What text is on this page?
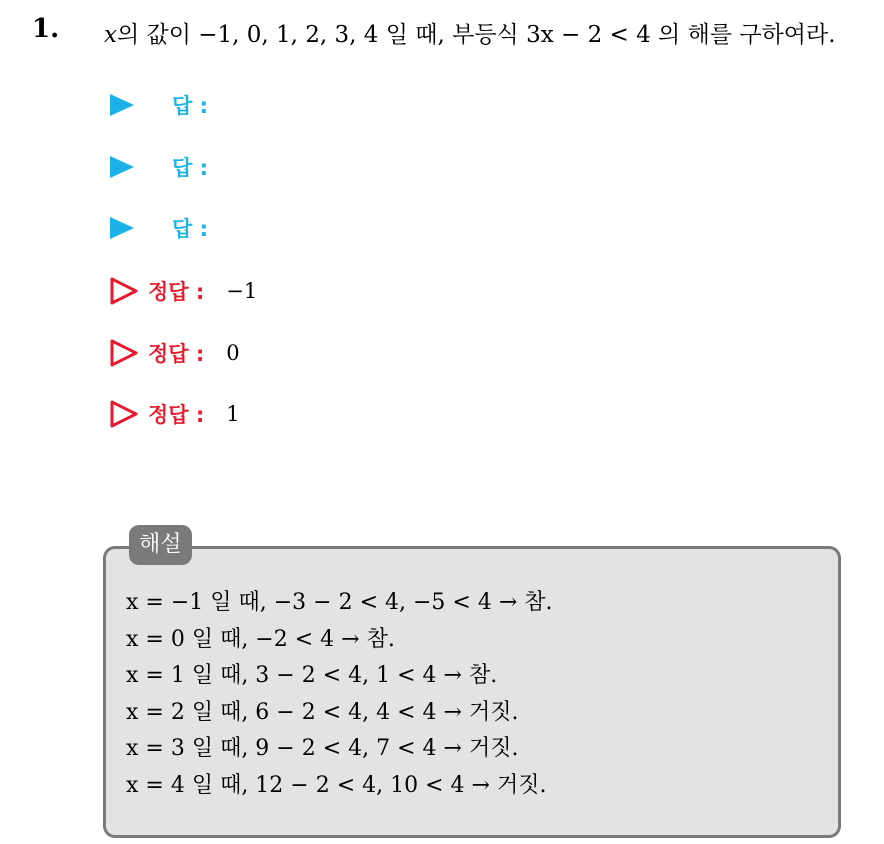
1. x의 값이 −1, 0, 1, 2, 3, 4 일 때, 부등식 3x − 2 < 4 의 해를 구하여라.
답 :
답 :
답 :
정답 : −1
정답 : 0
정답 : 1
해설
x = −1 일 때, −3 − 2 < 4, −5 < 4 → 참.
x = 0 일 때, −2 < 4 → 참.
x = 1 일 때, 3 − 2 < 4, 1 < 4 → 참.
x = 2 일 때, 6 − 2 < 4, 4 < 4 → 거짓.
x = 3 일 때, 9 − 2 < 4, 7 < 4 → 거짓.
x = 4 일 때, 12 − 2 < 4, 10 < 4 → 거짓.
